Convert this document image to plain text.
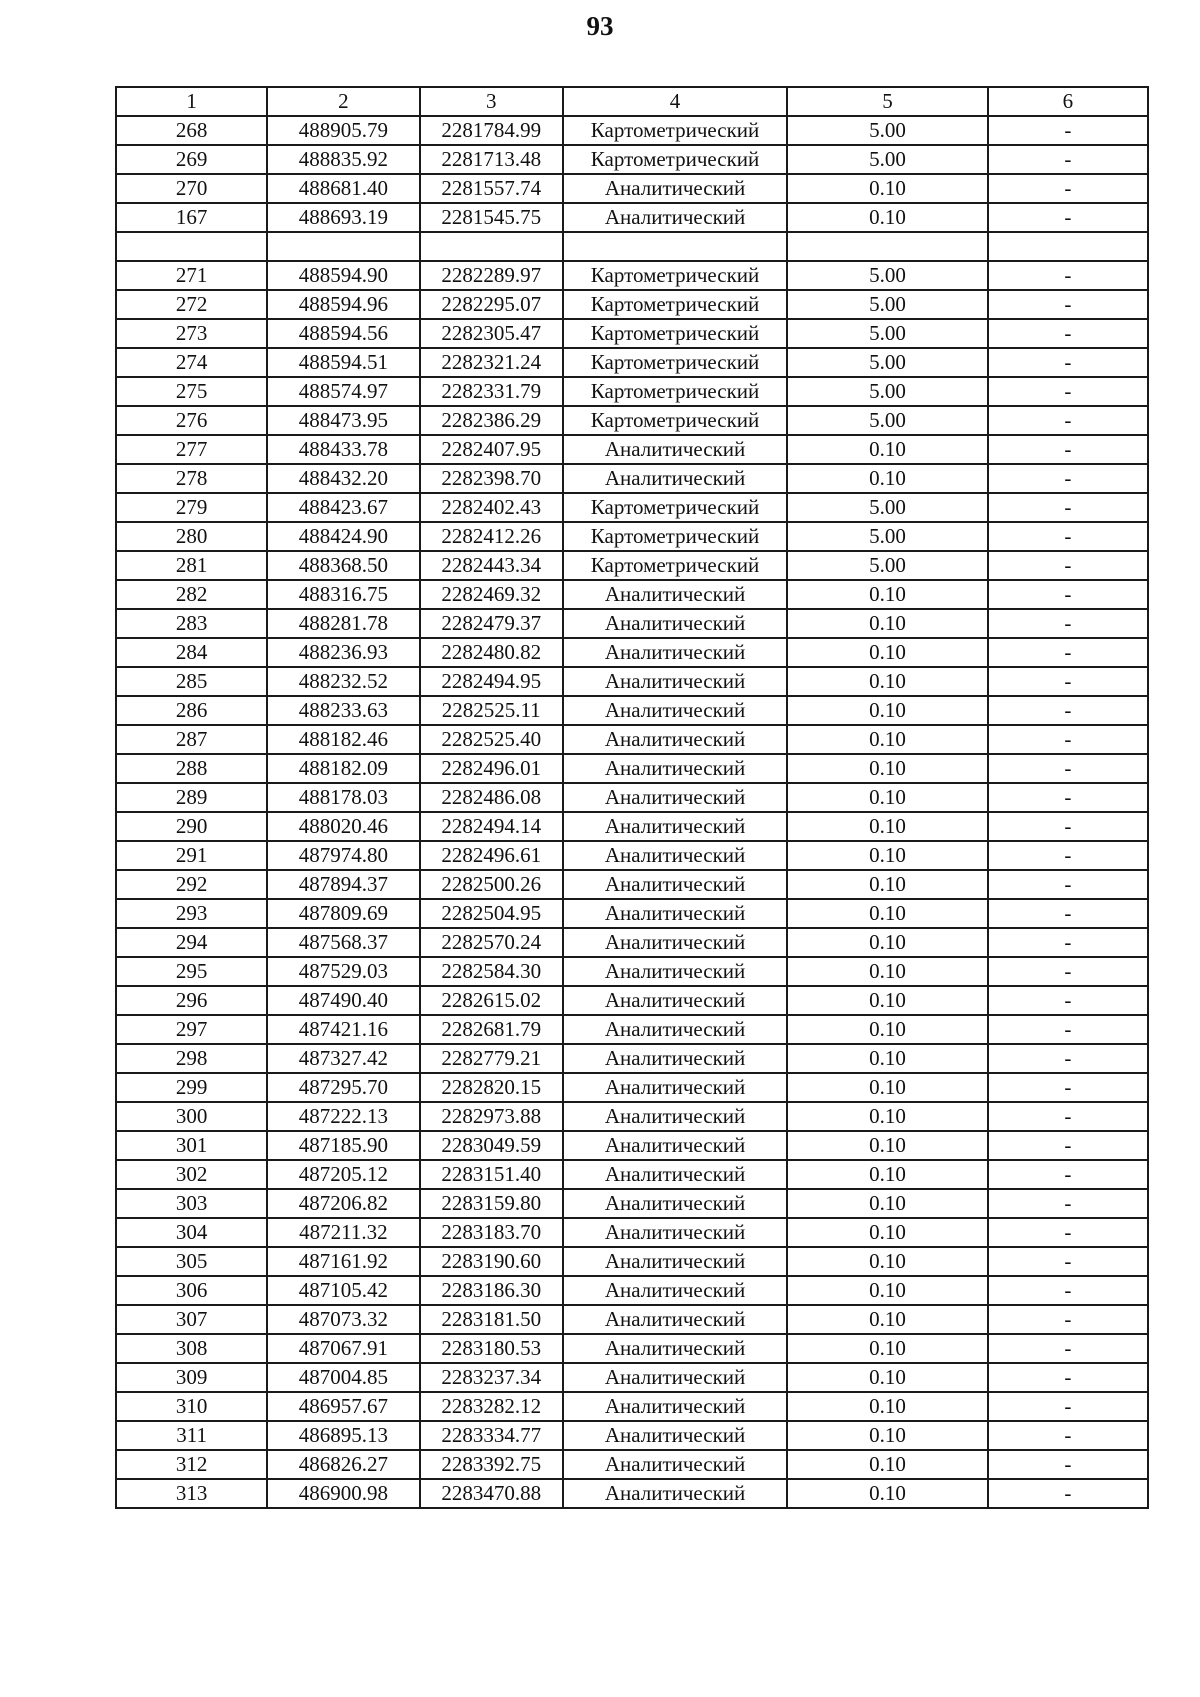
93
1	2	3	4	5	6
268	488905.79	2281784.99	Картометрический	5.00	-
269	488835.92	2281713.48	Картометрический	5.00	-
270	488681.40	2281557.74	Аналитический	0.10	-
167	488693.19	2281545.75	Аналитический	0.10	-

271	488594.90	2282289.97	Картометрический	5.00	-
272	488594.96	2282295.07	Картометрический	5.00	-
273	488594.56	2282305.47	Картометрический	5.00	-
274	488594.51	2282321.24	Картометрический	5.00	-
275	488574.97	2282331.79	Картометрический	5.00	-
276	488473.95	2282386.29	Картометрический	5.00	-
277	488433.78	2282407.95	Аналитический	0.10	-
278	488432.20	2282398.70	Аналитический	0.10	-
279	488423.67	2282402.43	Картометрический	5.00	-
280	488424.90	2282412.26	Картометрический	5.00	-
281	488368.50	2282443.34	Картометрический	5.00	-
282	488316.75	2282469.32	Аналитический	0.10	-
283	488281.78	2282479.37	Аналитический	0.10	-
284	488236.93	2282480.82	Аналитический	0.10	-
285	488232.52	2282494.95	Аналитический	0.10	-
286	488233.63	2282525.11	Аналитический	0.10	-
287	488182.46	2282525.40	Аналитический	0.10	-
288	488182.09	2282496.01	Аналитический	0.10	-
289	488178.03	2282486.08	Аналитический	0.10	-
290	488020.46	2282494.14	Аналитический	0.10	-
291	487974.80	2282496.61	Аналитический	0.10	-
292	487894.37	2282500.26	Аналитический	0.10	-
293	487809.69	2282504.95	Аналитический	0.10	-
294	487568.37	2282570.24	Аналитический	0.10	-
295	487529.03	2282584.30	Аналитический	0.10	-
296	487490.40	2282615.02	Аналитический	0.10	-
297	487421.16	2282681.79	Аналитический	0.10	-
298	487327.42	2282779.21	Аналитический	0.10	-
299	487295.70	2282820.15	Аналитический	0.10	-
300	487222.13	2282973.88	Аналитический	0.10	-
301	487185.90	2283049.59	Аналитический	0.10	-
302	487205.12	2283151.40	Аналитический	0.10	-
303	487206.82	2283159.80	Аналитический	0.10	-
304	487211.32	2283183.70	Аналитический	0.10	-
305	487161.92	2283190.60	Аналитический	0.10	-
306	487105.42	2283186.30	Аналитический	0.10	-
307	487073.32	2283181.50	Аналитический	0.10	-
308	487067.91	2283180.53	Аналитический	0.10	-
309	487004.85	2283237.34	Аналитический	0.10	-
310	486957.67	2283282.12	Аналитический	0.10	-
311	486895.13	2283334.77	Аналитический	0.10	-
312	486826.27	2283392.75	Аналитический	0.10	-
313	486900.98	2283470.88	Аналитический	0.10	-
